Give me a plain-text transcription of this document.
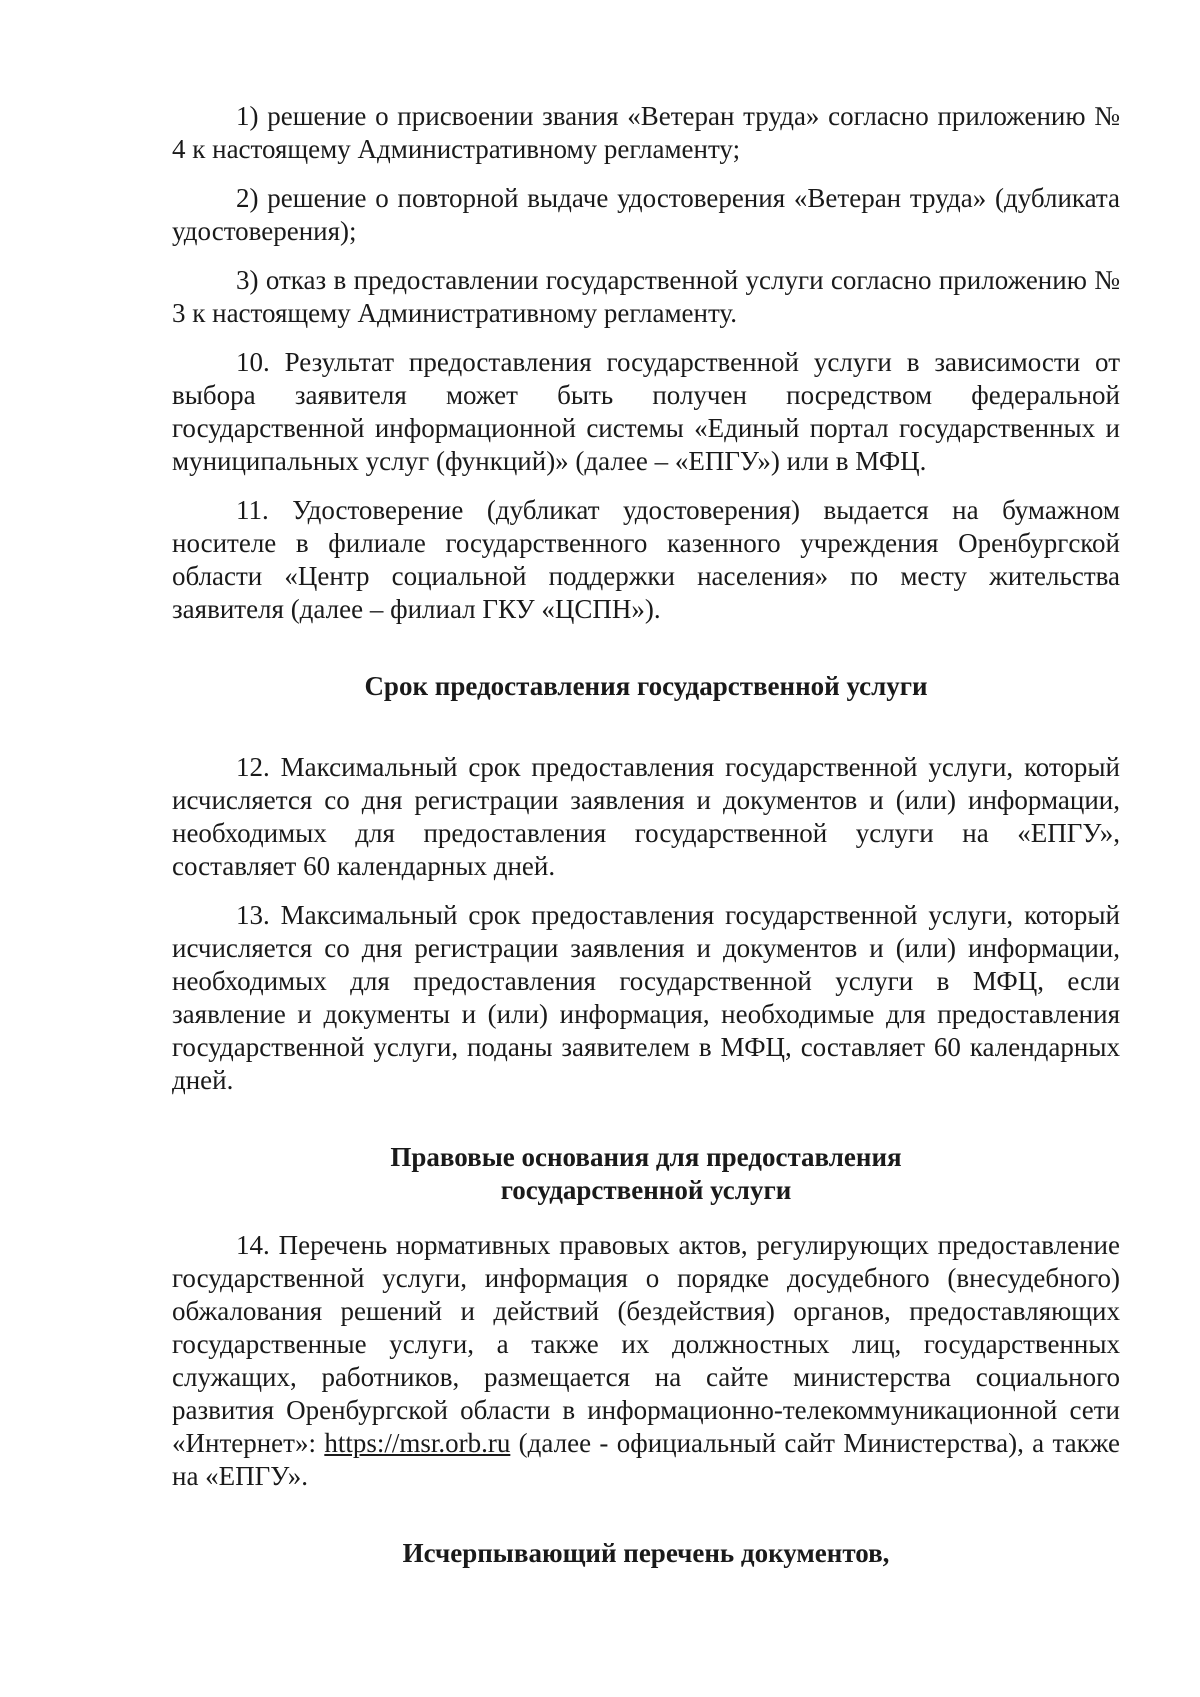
1) решение о присвоении звания «Ветеран труда» согласно приложению № 4 к настоящему Административному регламенту;

2) решение о повторной выдаче удостоверения «Ветеран труда» (дубликата удостоверения);

3) отказ в предоставлении государственной услуги согласно приложению № 3 к настоящему Административному регламенту.

10. Результат предоставления государственной услуги в зависимости от выбора заявителя может быть получен посредством федеральной государственной информационной системы «Единый портал государственных и муниципальных услуг (функций)» (далее – «ЕПГУ») или в МФЦ.

11. Удостоверение (дубликат удостоверения) выдается на бумажном носителе в филиале государственного казенного учреждения Оренбургской области «Центр социальной поддержки населения» по месту жительства заявителя (далее – филиал ГКУ «ЦСПН»).

Срок предоставления государственной услуги

12. Максимальный срок предоставления государственной услуги, который исчисляется со дня регистрации заявления и документов и (или) информации, необходимых для предоставления государственной услуги на «ЕПГУ», составляет 60 календарных дней.

13. Максимальный срок предоставления государственной услуги, который исчисляется со дня регистрации заявления и документов и (или) информации, необходимых для предоставления государственной услуги в МФЦ, если заявление и документы и (или) информация, необходимые для предоставления государственной услуги, поданы заявителем в МФЦ, составляет 60 календарных дней.

Правовые основания для предоставления
государственной услуги

14. Перечень нормативных правовых актов, регулирующих предоставление государственной услуги, информация о порядке досудебного (внесудебного) обжалования решений и действий (бездействия) органов, предоставляющих государственные услуги, а также их должностных лиц, государственных служащих, работников, размещается на сайте министерства социального развития Оренбургской области в информационно-телекоммуникационной сети «Интернет»: https://msr.orb.ru (далее - официальный сайт Министерства), а также на «ЕПГУ».

Исчерпывающий перечень документов,
